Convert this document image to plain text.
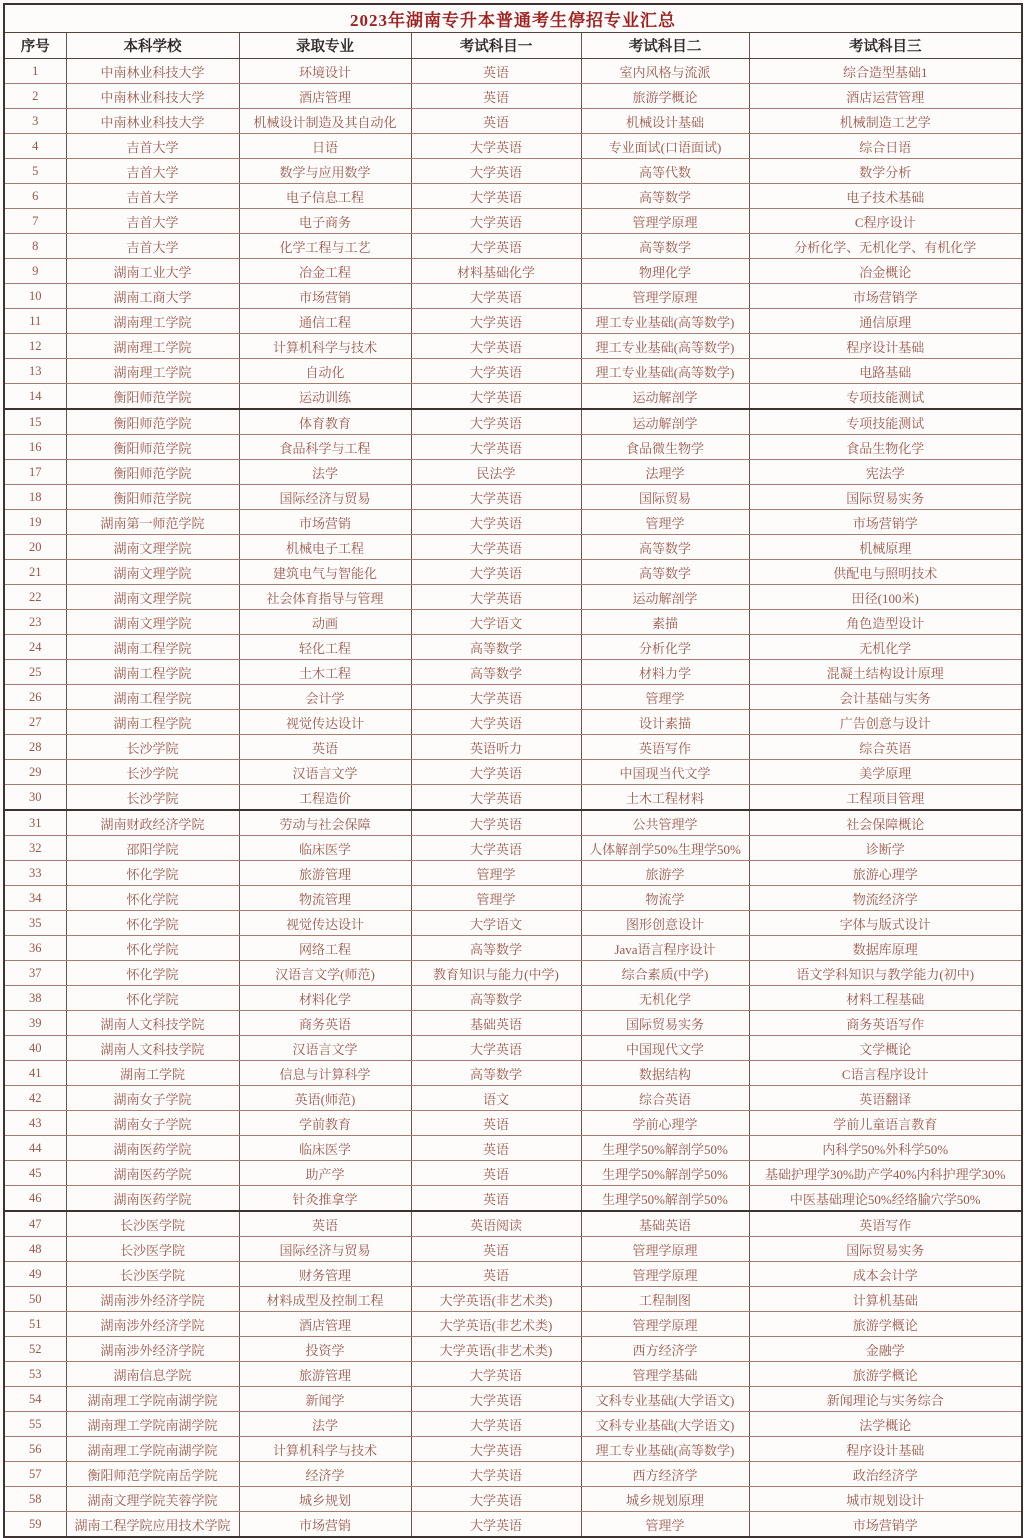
2023年湖南专升本普通考生停招专业汇总					
序号	本科学校	录取专业	考试科目一	考试科目二	考试科目三
1	中南林业科技大学	环境设计	英语	室内风格与流派	综合造型基础1
2	中南林业科技大学	酒店管理	英语	旅游学概论	酒店运营管理
3	中南林业科技大学	机械设计制造及其自动化	英语	机械设计基础	机械制造工艺学
4	吉首大学	日语	大学英语	专业面试(口语面试)	综合日语
5	吉首大学	数学与应用数学	大学英语	高等代数	数学分析
6	吉首大学	电子信息工程	大学英语	高等数学	电子技术基础
7	吉首大学	电子商务	大学英语	管理学原理	C程序设计
8	吉首大学	化学工程与工艺	大学英语	高等数学	分析化学、无机化学、有机化学
9	湖南工业大学	冶金工程	材料基础化学	物理化学	冶金概论
10	湖南工商大学	市场营销	大学英语	管理学原理	市场营销学
11	湖南理工学院	通信工程	大学英语	理工专业基础(高等数学)	通信原理
12	湖南理工学院	计算机科学与技术	大学英语	理工专业基础(高等数学)	程序设计基础
13	湖南理工学院	自动化	大学英语	理工专业基础(高等数学)	电路基础
14	衡阳师范学院	运动训练	大学英语	运动解剖学	专项技能测试
15	衡阳师范学院	体育教育	大学英语	运动解剖学	专项技能测试
16	衡阳师范学院	食品科学与工程	大学英语	食品微生物学	食品生物化学
17	衡阳师范学院	法学	民法学	法理学	宪法学
18	衡阳师范学院	国际经济与贸易	大学英语	国际贸易	国际贸易实务
19	湖南第一师范学院	市场营销	大学英语	管理学	市场营销学
20	湖南文理学院	机械电子工程	大学英语	高等数学	机械原理
21	湖南文理学院	建筑电气与智能化	大学英语	高等数学	供配电与照明技术
22	湖南文理学院	社会体育指导与管理	大学英语	运动解剖学	田径(100米)
23	湖南文理学院	动画	大学语文	素描	角色造型设计
24	湖南工程学院	轻化工程	高等数学	分析化学	无机化学
25	湖南工程学院	土木工程	高等数学	材料力学	混凝土结构设计原理
26	湖南工程学院	会计学	大学英语	管理学	会计基础与实务
27	湖南工程学院	视觉传达设计	大学英语	设计素描	广告创意与设计
28	长沙学院	英语	英语听力	英语写作	综合英语
29	长沙学院	汉语言文学	大学英语	中国现当代文学	美学原理
30	长沙学院	工程造价	大学英语	土木工程材料	工程项目管理
31	湖南财政经济学院	劳动与社会保障	大学英语	公共管理学	社会保障概论
32	邵阳学院	临床医学	大学英语	人体解剖学50%生理学50%	诊断学
33	怀化学院	旅游管理	管理学	旅游学	旅游心理学
34	怀化学院	物流管理	管理学	物流学	物流经济学
35	怀化学院	视觉传达设计	大学语文	图形创意设计	字体与版式设计
36	怀化学院	网络工程	高等数学	Java语言程序设计	数据库原理
37	怀化学院	汉语言文学(师范)	教育知识与能力(中学)	综合素质(中学)	语文学科知识与教学能力(初中)
38	怀化学院	材料化学	高等数学	无机化学	材料工程基础
39	湖南人文科技学院	商务英语	基础英语	国际贸易实务	商务英语写作
40	湖南人文科技学院	汉语言文学	大学英语	中国现代文学	文学概论
41	湖南工学院	信息与计算科学	高等数学	数据结构	C语言程序设计
42	湖南女子学院	英语(师范)	语文	综合英语	英语翻译
43	湖南女子学院	学前教育	英语	学前心理学	学前儿童语言教育
44	湖南医药学院	临床医学	英语	生理学50%解剖学50%	内科学50%外科学50%
45	湖南医药学院	助产学	英语	生理学50%解剖学50%	基础护理学30%助产学40%内科护理学30%
46	湖南医药学院	针灸推拿学	英语	生理学50%解剖学50%	中医基础理论50%经络腧穴学50%
47	长沙医学院	英语	英语阅读	基础英语	英语写作
48	长沙医学院	国际经济与贸易	英语	管理学原理	国际贸易实务
49	长沙医学院	财务管理	英语	管理学原理	成本会计学
50	湖南涉外经济学院	材料成型及控制工程	大学英语(非艺术类)	工程制图	计算机基础
51	湖南涉外经济学院	酒店管理	大学英语(非艺术类)	管理学原理	旅游学概论
52	湖南涉外经济学院	投资学	大学英语(非艺术类)	西方经济学	金融学
53	湖南信息学院	旅游管理	大学英语	管理学基础	旅游学概论
54	湖南理工学院南湖学院	新闻学	大学英语	文科专业基础(大学语文)	新闻理论与实务综合
55	湖南理工学院南湖学院	法学	大学英语	文科专业基础(大学语文)	法学概论
56	湖南理工学院南湖学院	计算机科学与技术	大学英语	理工专业基础(高等数学)	程序设计基础
57	衡阳师范学院南岳学院	经济学	大学英语	西方经济学	政治经济学
58	湖南文理学院芙蓉学院	城乡规划	大学英语	城乡规划原理	城市规划设计
59	湖南工程学院应用技术学院	市场营销	大学英语	管理学	市场营销学
